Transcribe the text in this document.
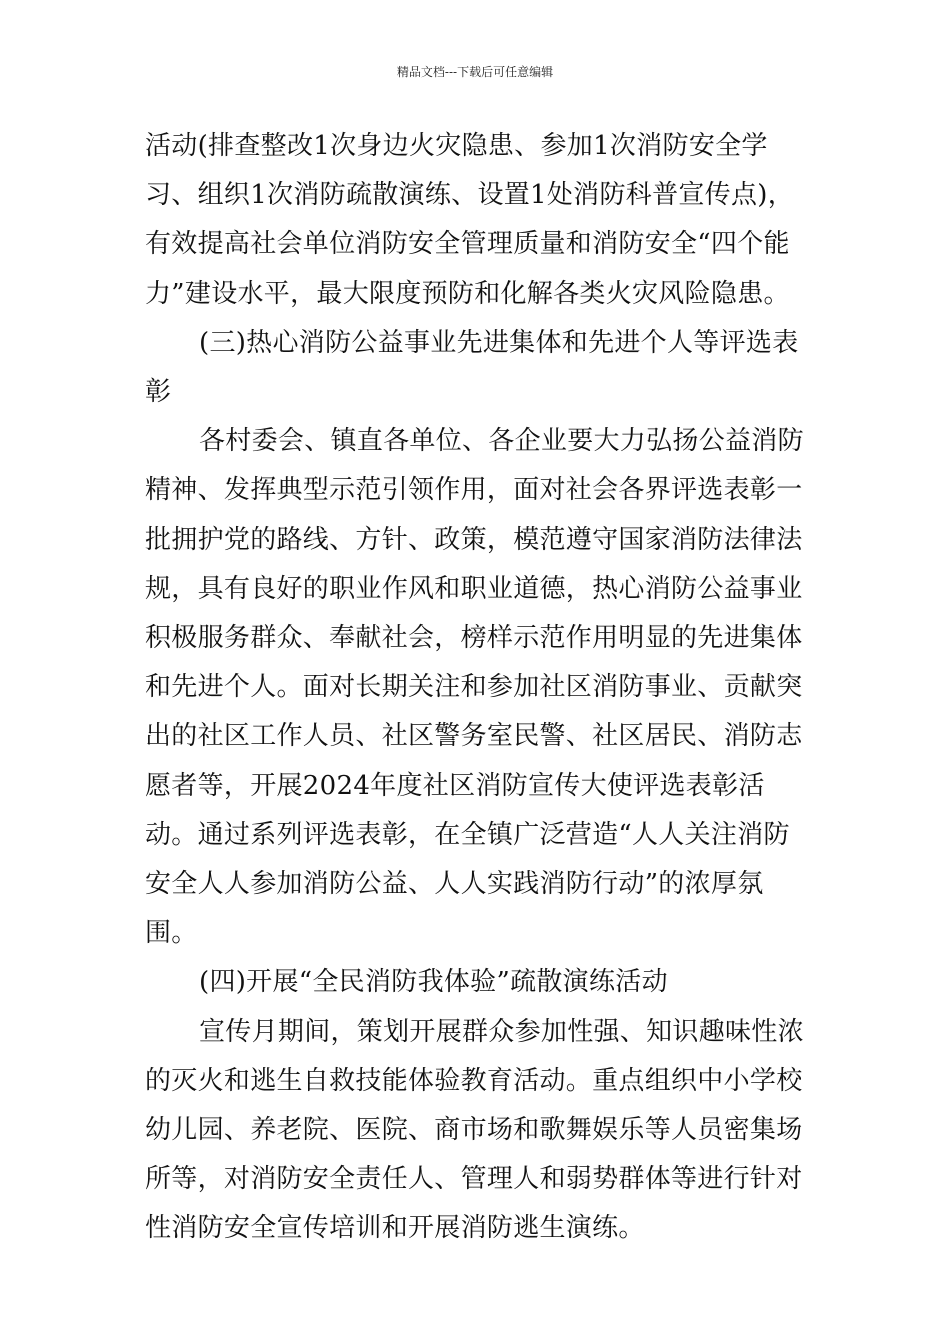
精品文档---下载后可任意编辑

活动(排查整改1次身边火灾隐患、参加1次消防安全学习、组织1次消防疏散演练、设置1处消防科普宣传点)，有效提高社会单位消防安全管理质量和消防安全“四个能力”建设水平，最大限度预防和化解各类火灾风险隐患。

(三)热心消防公益事业先进集体和先进个人等评选表彰

各村委会、镇直各单位、各企业要大力弘扬公益消防精神、发挥典型示范引领作用，面对社会各界评选表彰一批拥护党的路线、方针、政策，模范遵守国家消防法律法规，具有良好的职业作风和职业道德，热心消防公益事业积极服务群众、奉献社会，榜样示范作用明显的先进集体和先进个人。面对长期关注和参加社区消防事业、贡献突出的社区工作人员、社区警务室民警、社区居民、消防志愿者等，开展2024年度社区消防宣传大使评选表彰活动。通过系列评选表彰，在全镇广泛营造“人人关注消防安全人人参加消防公益、人人实践消防行动”的浓厚氛围。

(四)开展“全民消防我体验”疏散演练活动

宣传月期间，策划开展群众参加性强、知识趣味性浓的灭火和逃生自救技能体验教育活动。重点组织中小学校幼儿园、养老院、医院、商市场和歌舞娱乐等人员密集场所等，对消防安全责任人、管理人和弱势群体等进行针对性消防安全宣传培训和开展消防逃生演练。
